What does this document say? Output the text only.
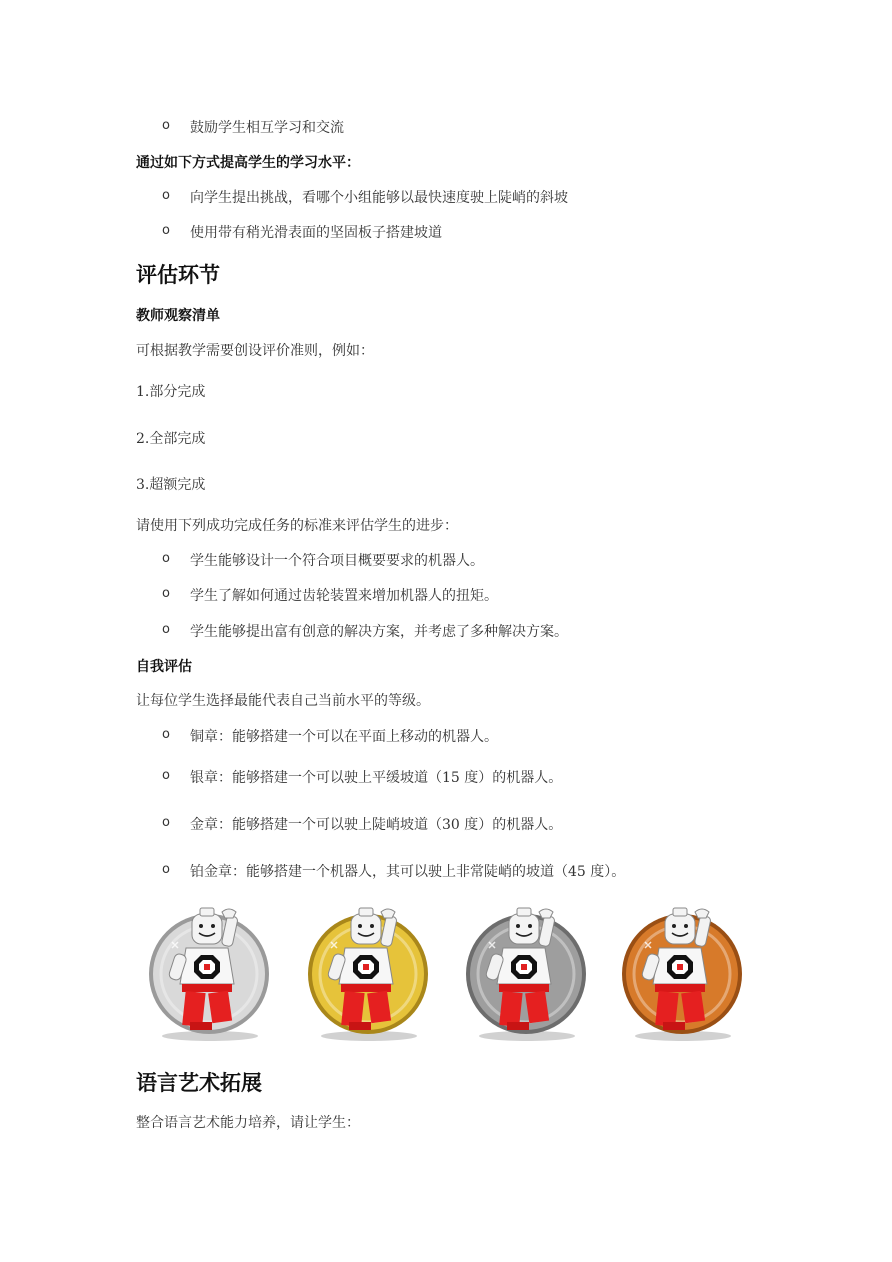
o 鼓励学生相互学习和交流
通过如下方式提高学生的学习水平：
o 向学生提出挑战，看哪个小组能够以最快速度驶上陡峭的斜坡
o 使用带有稍光滑表面的坚固板子搭建坡道
评估环节
教师观察清单
可根据教学需要创设评价准则，例如：
1.部分完成
2.全部完成
3.超额完成
请使用下列成功完成任务的标准来评估学生的进步：
o 学生能够设计一个符合项目概要要求的机器人。
o 学生了解如何通过齿轮装置来增加机器人的扭矩。
o 学生能够提出富有创意的解决方案，并考虑了多种解决方案。
自我评估
让每位学生选择最能代表自己当前水平的等级。
o 铜章：能够搭建一个可以在平面上移动的机器人。
o 银章：能够搭建一个可以驶上平缓坡道（15 度）的机器人。
o 金章：能够搭建一个可以驶上陡峭坡道（30 度）的机器人。
o 铂金章：能够搭建一个机器人，其可以驶上非常陡峭的坡道（45 度）。
语言艺术拓展
整合语言艺术能力培养，请让学生：
